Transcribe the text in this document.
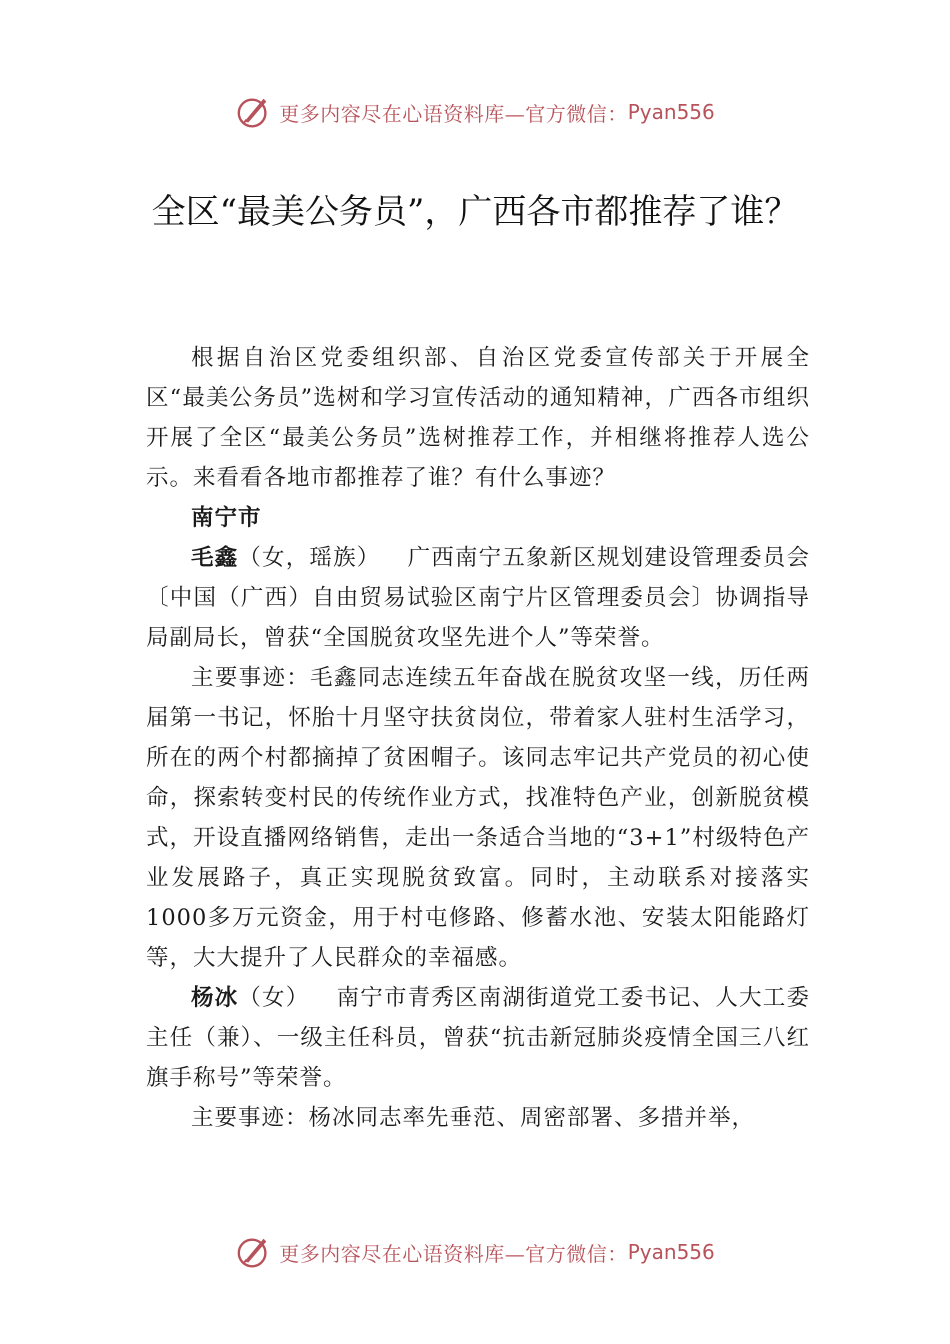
更多内容尽在心语资料库—官方微信： Pyan556
全区“最美公务员”，广西各市都推荐了谁？

根据自治区党委组织部、自治区党委宣传部关于开展全区“最美公务员”选树和学习宣传活动的通知精神，广西各市组织开展了全区“最美公务员”选树推荐工作，并相继将推荐人选公示。来看看各地市都推荐了谁？有什么事迹？

南宁市

毛鑫（女，瑶族） 广西南宁五象新区规划建设管理委员会〔中国（广西）自由贸易试验区南宁片区管理委员会〕协调指导局副局长，曾获“全国脱贫攻坚先进个人”等荣誉。

主要事迹：毛鑫同志连续五年奋战在脱贫攻坚一线，历任两届第一书记，怀胎十月坚守扶贫岗位，带着家人驻村生活学习，所在的两个村都摘掉了贫困帽子。该同志牢记共产党员的初心使命，探索转变村民的传统作业方式，找准特色产业，创新脱贫模式，开设直播网络销售，走出一条适合当地的“3+1”村级特色产业发展路子，真正实现脱贫致富。同时，主动联系对接落实1000多万元资金，用于村屯修路、修蓄水池、安装太阳能路灯等，大大提升了人民群众的幸福感。

杨冰（女） 南宁市青秀区南湖街道党工委书记、人大工委主任（兼）、一级主任科员，曾获“抗击新冠肺炎疫情全国三八红旗手称号”等荣誉。

主要事迹：杨冰同志率先垂范、周密部署、多措并举，

更多内容尽在心语资料库—官方微信： Pyan556
